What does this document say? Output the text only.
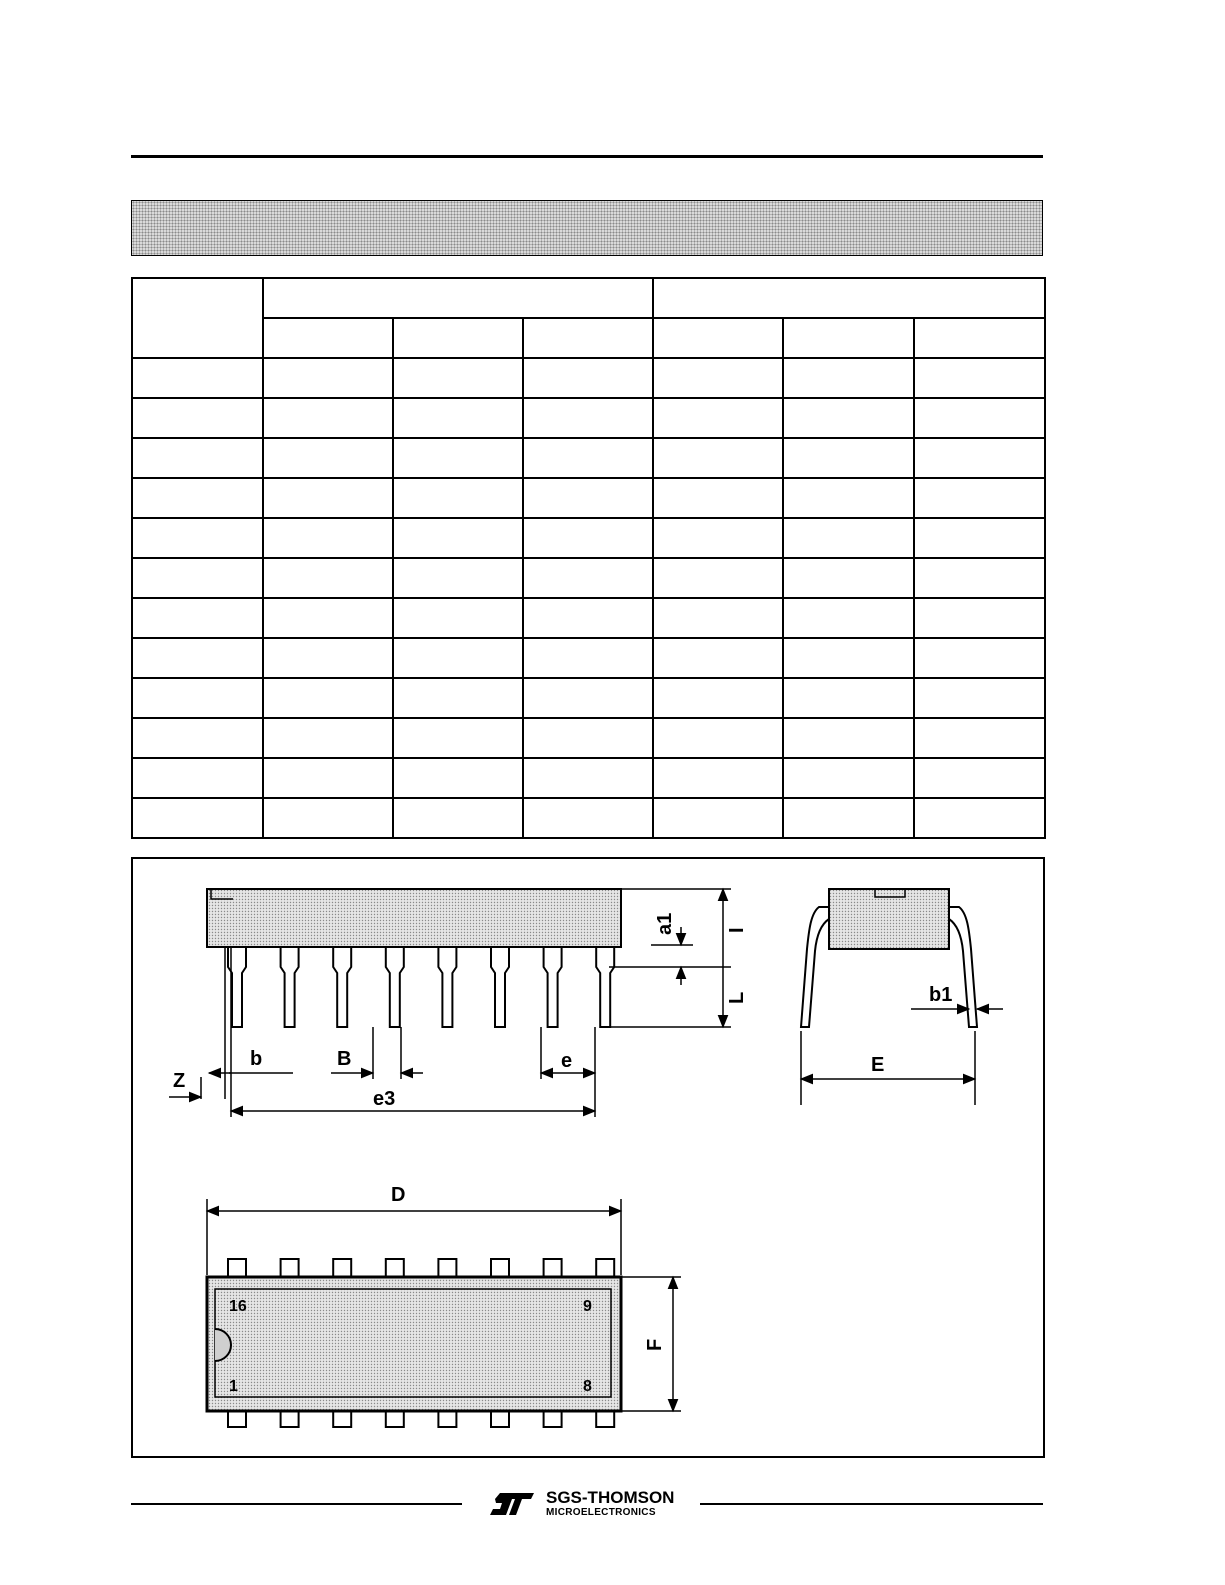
Z
b	B	e
e3
a1	I
L	b1
E
D
F
16	9
1	8
SGS-THOMSON
MICROELECTRONICS
